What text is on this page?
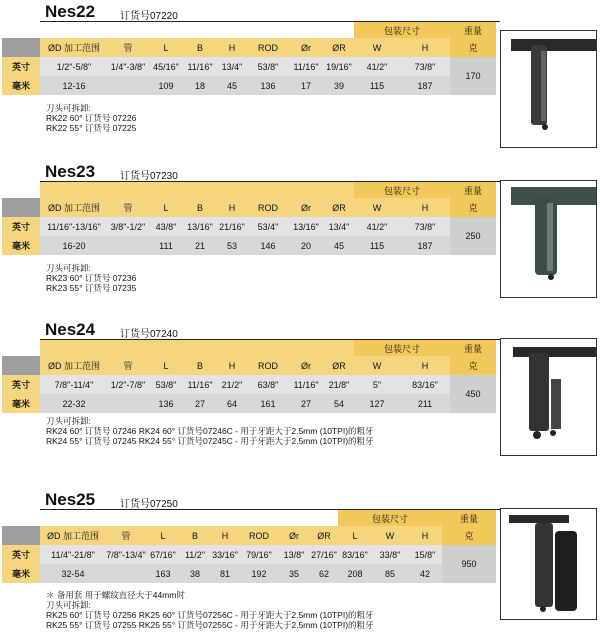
Nes22 订货号07220
									包装尺寸		重量
	ØD 加工范围	管	L	B	H	ROD	Ør	ØR	W	H	克
英寸	1/2"-5/8"	1/4"-3/8"	45/16"	11/16"	13/4"	53/8"	11/16"	19/16"	41/2"	73/8"	170
毫米	12-16		109	18	45	136	17	39	115	187	
刀头可拆卸:
RK22 60° 订货号 07226
RK22 55° 订货号 07225
Nes23 订货号07230
									包装尺寸		重量
	ØD 加工范围	管	L	B	H	ROD	Ør	ØR	W	H	克
英寸	11/16"-13/16"	3/8"-1/2"	43/8"	13/16"	21/16"	53/4"	13/16"	13/4"	41/2"	73/8"	250
毫米	16-20		111	21	53	146	20	45	115	187	
刀头可拆卸:
RK23 60° 订货号 07236
RK23 55° 订货号 07235
Nes24 订货号07240
									包装尺寸		重量
	ØD 加工范围	管	L	B	H	ROD	Ør	ØR	W	H	克
英寸	7/8"-11/4"	1/2"-7/8"	53/8"	11/16"	21/2"	63/8"	11/16"	21/8"	5"	83/16"	450
毫米	22-32		136	27	64	161	27	54	127	211	
刀头可拆卸:
RK24 60° 订货号 07246 RK24 60° 订货号07246C - 用于牙距大于2.5mm (10TPI)的粗牙
RK24 55° 订货号 07245 RK24 55° 订货号07245C - 用于牙距大于2.5mm (10TPI)的粗牙
Nes25 订货号07250
									包装尺寸			重量
	ØD 加工范围	管	L	B	H	ROD	Ør	ØR	L	W	H	克
英寸	11/4"-21/8"	7/8"-13/4"	67/16"	11/2"	33/16"	79/16"	13/8"	27/16"	83/16"	33/8"	15/8"	950
毫米	32-54		163	38	81	192	35	62	208	85	42	
＊ 备用套 用于螺纹直径大于44mm时
刀头可拆卸:
RK25 60° 订货号 07256 RK25 60° 订货号07256C - 用于牙距大于2.5mm (10TPI)的粗牙
RK25 55° 订货号 07255 RK25 55° 订货号07255C - 用于牙距大于2.5mm (10TPI)的粗牙
